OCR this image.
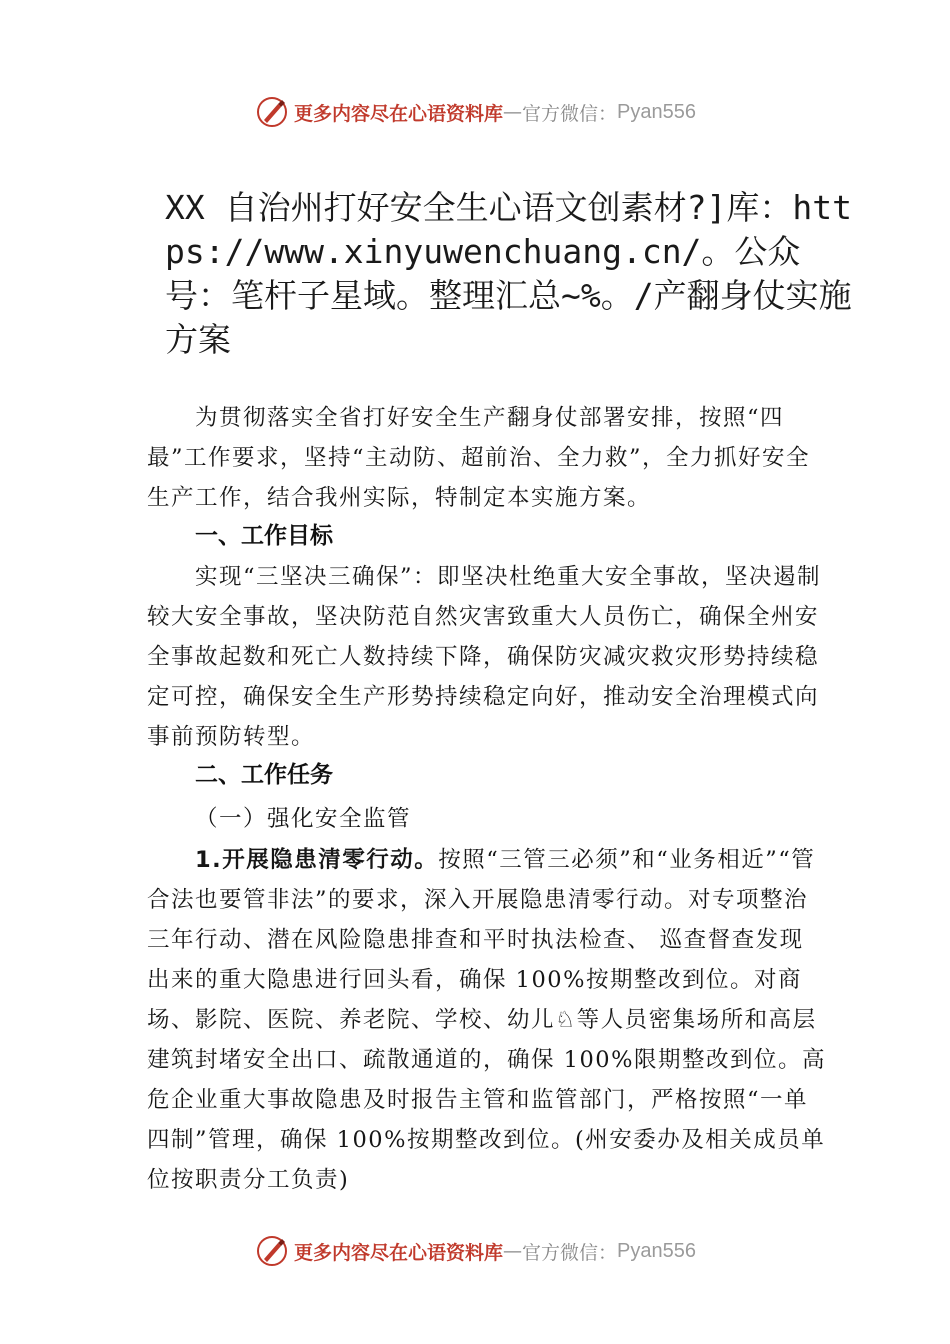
更多内容尽在心语资料库 — 官方微信： Pyan556
XX 自治州打好安全生心语文创素材?]库：https://www.xinyuwenchuang.cn/。公众号：笔杆子星域。整理汇总~%。/产翻身仗实施方案

为贯彻落实全省打好安全生产翻身仗部署安排，按照“四最”工作要求，坚持“主动防、超前治、全力救”，全力抓好安全生产工作，结合我州实际，特制定本实施方案。

一、工作目标

实现“三坚决三确保”：即坚决杜绝重大安全事故，坚决遏制较大安全事故，坚决防范自然灾害致重大人员伤亡，确保全州安全事故起数和死亡人数持续下降，确保防灾减灾救灾形势持续稳定可控，确保安全生产形势持续稳定向好，推动安全治理模式向事前预防转型。

二、工作任务
（一）强化安全监管

1.开展隐患清零行动。按照“三管三必须”和“业务相近”“管合法也要管非法”的要求，深入开展隐患清零行动。对专项整治三年行动、潜在风险隐患排查和平时执法检查、 巡查督查发现出来的重大隐患进行回头看，确保 100%按期整改到位。对商场、影院、医院、养老院、学校、幼儿♘等人员密集场所和高层建筑封堵安全出口、疏散通道的，确保 100%限期整改到位。高危企业重大事故隐患及时报告主管和监管部门，严格按照“一单四制”管理，确保 100%按期整改到位。(州安委办及相关成员单位按职责分工负责)

更多内容尽在心语资料库 — 官方微信： Pyan556
